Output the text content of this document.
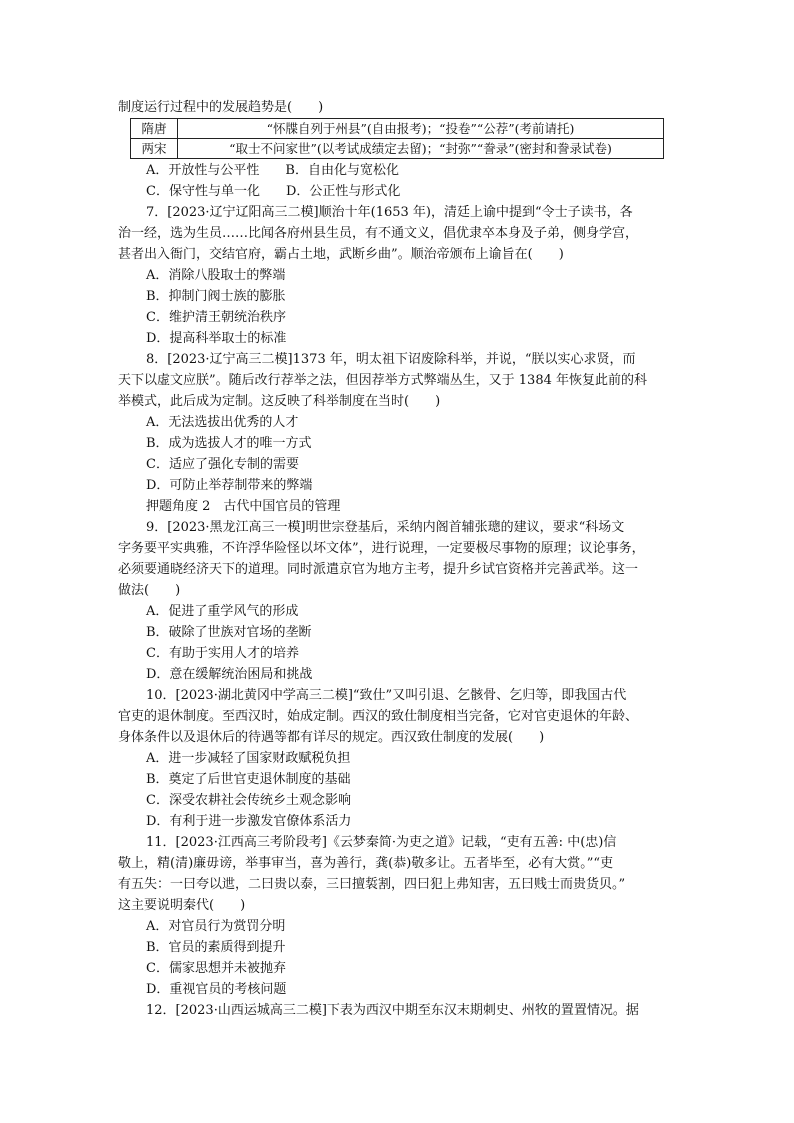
制度运行过程中的发展趋势是(　　)
隋唐	“怀牒自列于州县”(自由报考)；“投卷”“公荐”(考前请托)
两宋	“取士不问家世”(以考试成绩定去留)；“封弥”“誊录”(密封和誊录试卷)
A．开放性与公平性　　B．自由化与宽松化
C．保守性与单一化　　D．公正性与形式化
7．[2023·辽宁辽阳高三二模]顺治十年(1653 年)，清廷上谕中提到“令士子读书，各
治一经，选为生员……比闻各府州县生员，有不通文义，倡优隶卒本身及子弟，侧身学宫，
甚者出入衙门，交结官府，霸占土地，武断乡曲”。顺治帝颁布上谕旨在(　　)
A．消除八股取士的弊端
B．抑制门阀士族的膨胀
C．维护清王朝统治秩序
D．提高科举取士的标准
8．[2023·辽宁高三二模]1373 年，明太祖下诏废除科举，并说，“朕以实心求贤，而
天下以虚文应朕”。随后改行荐举之法，但因荐举方式弊端丛生，又于 1384 年恢复此前的科
举模式，此后成为定制。这反映了科举制度在当时(　　)
A．无法选拔出优秀的人才
B．成为选拔人才的唯一方式
C．适应了强化专制的需要
D．可防止举荐制带来的弊端
押题角度 2　古代中国官员的管理
9．[2023·黑龙江高三一模]明世宗登基后，采纳内阁首辅张璁的建议，要求“科场文
字务要平实典雅，不许浮华险怪以坏文体”，进行说理，一定要极尽事物的原理；议论事务，
必须要通晓经济天下的道理。同时派遣京官为地方主考，提升乡试官资格并完善武举。这一
做法(　　)
A．促进了重学风气的形成
B．破除了世族对官场的垄断
C．有助于实用人才的培养
D．意在缓解统治困局和挑战
10．[2023·湖北黄冈中学高三二模]“致仕”又叫引退、乞骸骨、乞归等，即我国古代
官吏的退休制度。至西汉时，始成定制。西汉的致仕制度相当完备，它对官吏退休的年龄、
身体条件以及退休后的待遇等都有详尽的规定。西汉致仕制度的发展(　　)
A．进一步减轻了国家财政赋税负担
B．奠定了后世官吏退休制度的基础
C．深受农耕社会传统乡土观念影响
D．有利于进一步激发官僚体系活力
11．[2023·江西高三考阶段考]《云梦秦简·为吏之道》记载，“吏有五善: 中(忠)信
敬上，精(清)廉毋谤，举事审当，喜为善行，龚(恭)敬多让。五者毕至，必有大赏。”“吏
有五失：一曰夸以迣，二曰贵以泰，三曰擅裚割，四曰犯上弗知害，五曰贱士而贵货贝。”
这主要说明秦代(　　)
A．对官员行为赏罚分明
B．官员的素质得到提升
C．儒家思想并未被抛弃
D．重视官员的考核问题
12．[2023·山西运城高三二模]下表为西汉中期至东汉末期刺史、州牧的置置情况。据
